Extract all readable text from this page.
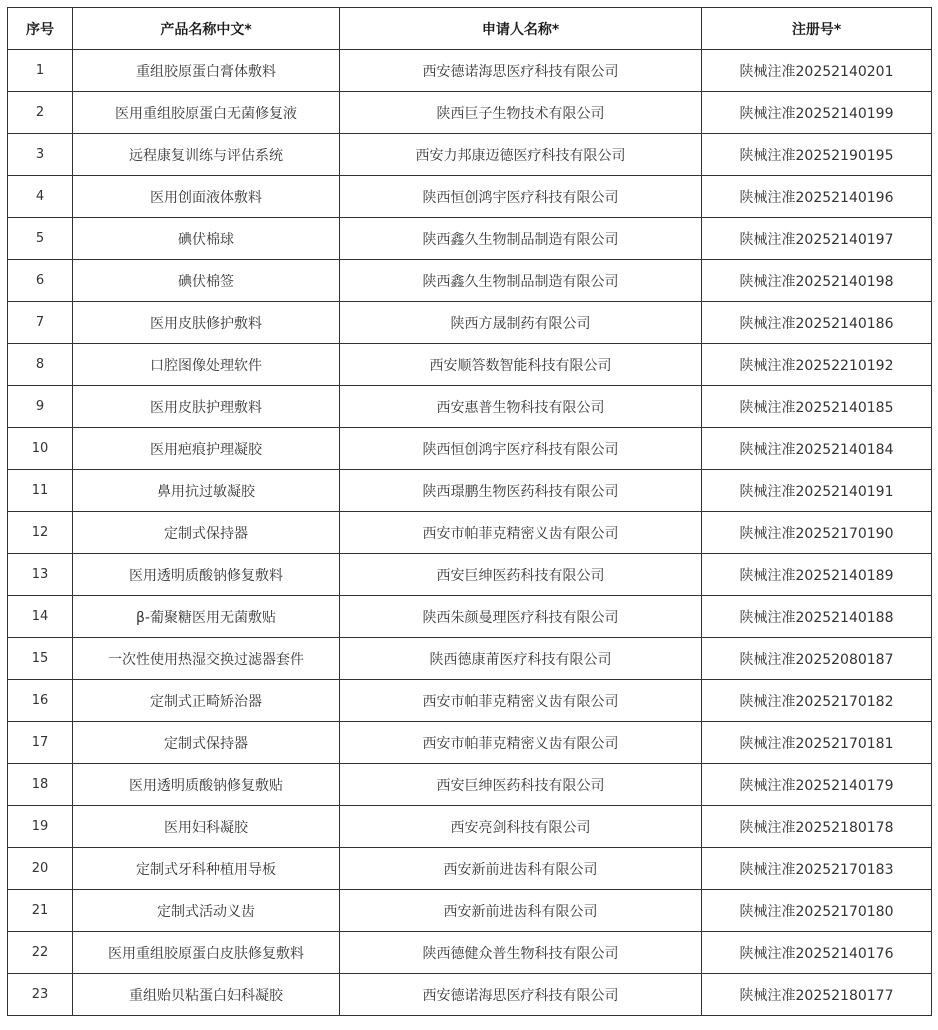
序号	产品名称中文*	申请人名称*	注册号*
1	重组胶原蛋白膏体敷料	西安德诺海思医疗科技有限公司	陕械注准20252140201
2	医用重组胶原蛋白无菌修复液	陕西巨子生物技术有限公司	陕械注准20252140199
3	远程康复训练与评估系统	西安力邦康迈德医疗科技有限公司	陕械注准20252190195
4	医用创面液体敷料	陕西恒创鸿宇医疗科技有限公司	陕械注准20252140196
5	碘伏棉球	陕西鑫久生物制品制造有限公司	陕械注准20252140197
6	碘伏棉签	陕西鑫久生物制品制造有限公司	陕械注准20252140198
7	医用皮肤修护敷料	陕西方晟制药有限公司	陕械注准20252140186
8	口腔图像处理软件	西安顺答数智能科技有限公司	陕械注准20252210192
9	医用皮肤护理敷料	西安惠普生物科技有限公司	陕械注准20252140185
10	医用疤痕护理凝胶	陕西恒创鸿宇医疗科技有限公司	陕械注准20252140184
11	鼻用抗过敏凝胶	陕西璟鹏生物医药科技有限公司	陕械注准20252140191
12	定制式保持器	西安市帕菲克精密义齿有限公司	陕械注准20252170190
13	医用透明质酸钠修复敷料	西安巨绅医药科技有限公司	陕械注准20252140189
14	β-葡聚糖医用无菌敷贴	陕西朱颜曼理医疗科技有限公司	陕械注准20252140188
15	一次性使用热湿交换过滤器套件	陕西德康莆医疗科技有限公司	陕械注准20252080187
16	定制式正畸矫治器	西安市帕菲克精密义齿有限公司	陕械注准20252170182
17	定制式保持器	西安市帕菲克精密义齿有限公司	陕械注准20252170181
18	医用透明质酸钠修复敷贴	西安巨绅医药科技有限公司	陕械注准20252140179
19	医用妇科凝胶	西安亮剑科技有限公司	陕械注准20252180178
20	定制式牙科种植用导板	西安新前进齿科有限公司	陕械注准20252170183
21	定制式活动义齿	西安新前进齿科有限公司	陕械注准20252170180
22	医用重组胶原蛋白皮肤修复敷料	陕西德健众普生物科技有限公司	陕械注准20252140176
23	重组贻贝粘蛋白妇科凝胶	西安德诺海思医疗科技有限公司	陕械注准20252180177
